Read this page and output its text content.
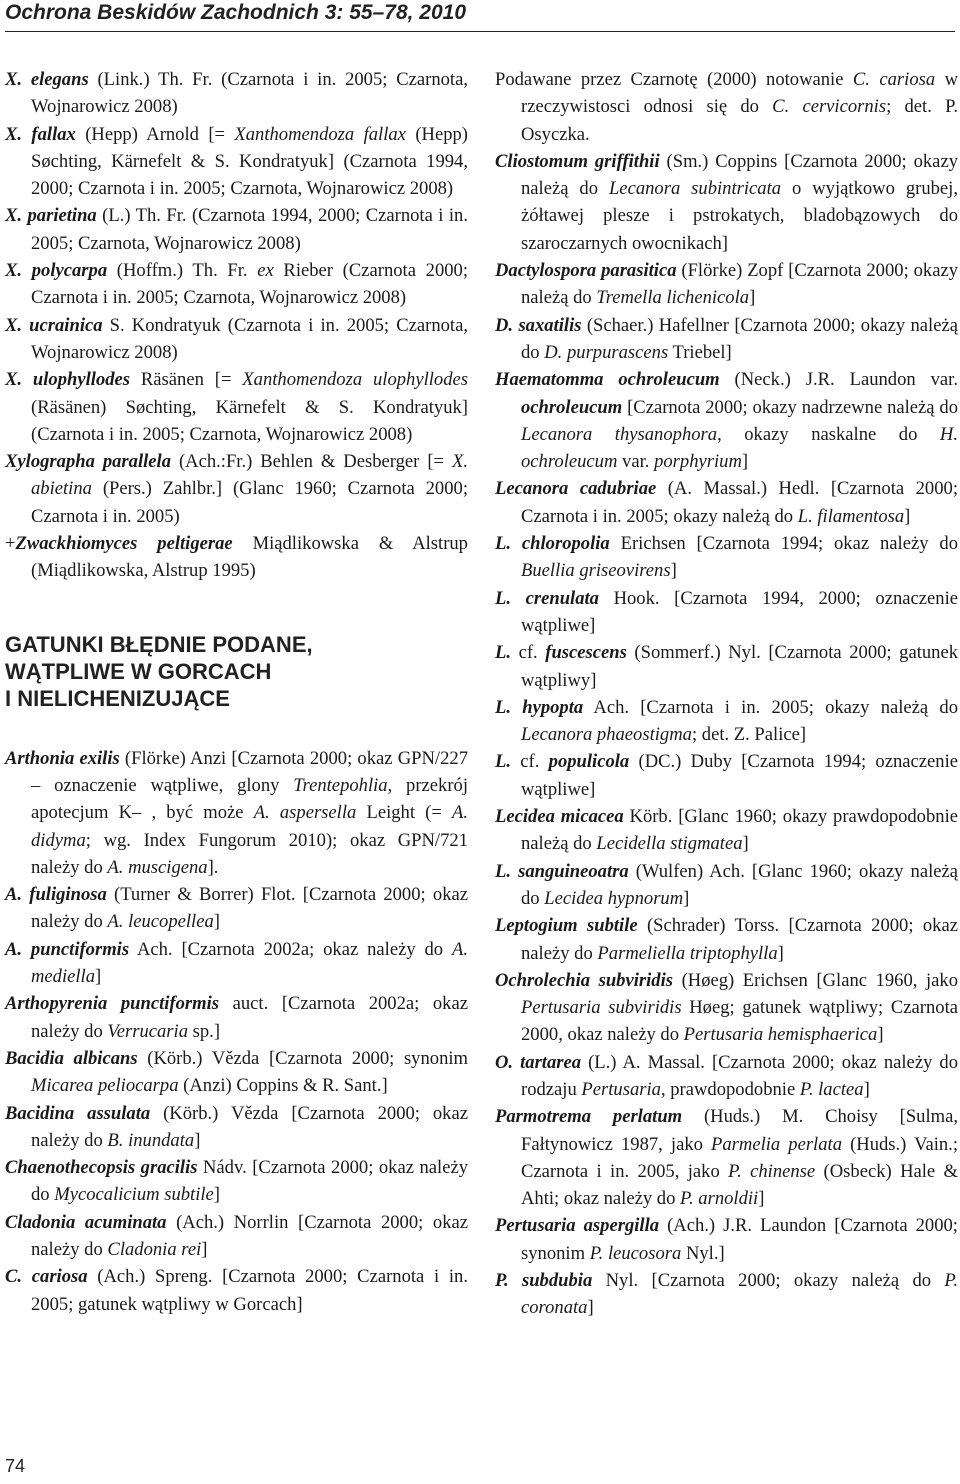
Ochrona Beskidów Zachodnich 3: 55–78, 2010
X. elegans (Link.) Th. Fr. (Czarnota i in. 2005; Czarnota, Wojnarowicz 2008)
X. fallax (Hepp) Arnold [= Xanthomendoza fallax (Hepp) Søchting, Kärnefelt & S. Kondratyuk] (Czarnota 1994, 2000; Czarnota i in. 2005; Czarnota, Wojnarowicz 2008)
X. parietina (L.) Th. Fr. (Czarnota 1994, 2000; Czarnota i in. 2005; Czarnota, Wojnarowicz 2008)
X. polycarpa (Hoffm.) Th. Fr. ex Rieber (Czarnota 2000; Czarnota i in. 2005; Czarnota, Wojnarowicz 2008)
X. ucrainica S. Kondratyuk (Czarnota i in. 2005; Czarnota, Wojnarowicz 2008)
X. ulophyllodes Räsänen [= Xanthomendoza ulophyllodes (Räsänen) Søchting, Kärnefelt & S. Kondratyuk] (Czarnota i in. 2005; Czarnota, Wojnarowicz 2008)
Xylographa parallela (Ach.:Fr.) Behlen & Desberger [= X. abietina (Pers.) Zahlbr.] (Glanc 1960; Czarnota 2000; Czarnota i in. 2005)
+Zwackhiomyces peltigerae Miądlikowska & Alstrup (Miądlikowska, Alstrup 1995)
GATUNKI BŁĘDNIE PODANE,
WĄTPLIWE W GORCACH
I NIELICHENIZUJĄCE
Arthonia exilis (Flörke) Anzi [Czarnota 2000; okaz GPN/227 – oznaczenie wątpliwe, glony Trentepohlia, przekrój apotecjum K– , być może A. aspersella Leight (= A. didyma; wg. Index Fungorum 2010); okaz GPN/721 należy do A. muscigena].
A. fuliginosa (Turner & Borrer) Flot. [Czarnota 2000; okaz należy do A. leucopellea]
A. punctiformis Ach. [Czarnota 2002a; okaz należy do A. mediella]
Arthopyrenia punctiformis auct. [Czarnota 2002a; okaz należy do Verrucaria sp.]
Bacidia albicans (Körb.) Vězda [Czarnota 2000; synonim Micarea peliocarpa (Anzi) Coppins & R. Sant.]
Bacidina assulata (Körb.) Vězda [Czarnota 2000; okaz należy do B. inundata]
Chaenothecopsis gracilis Nádv. [Czarnota 2000; okaz należy do Mycocalicium subtile]
Cladonia acuminata (Ach.) Norrlin [Czarnota 2000; okaz należy do Cladonia rei]
C. cariosa (Ach.) Spreng. [Czarnota 2000; Czarnota i in. 2005; gatunek wątpliwy w Gorcach]
Podawane przez Czarnotę (2000) notowanie C. cariosa w rzeczywistosci odnosi się do C. cervicornis; det. P. Osyczka.
Cliostomum griffithii (Sm.) Coppins [Czarnota 2000; okazy należą do Lecanora subintricata o wyjątkowo grubej, żółtawej plesze i pstrokatych, bladobązowych do szaroczarnych owocnikach]
Dactylospora parasitica (Flörke) Zopf [Czarnota 2000; okazy należą do Tremella lichenicola]
D. saxatilis (Schaer.) Hafellner [Czarnota 2000; okazy należą do D. purpurascens Triebel]
Haematomma ochroleucum (Neck.) J.R. Laundon var. ochroleucum [Czarnota 2000; okazy nadrzewne należą do Lecanora thysanophora, okazy naskalne do H. ochroleucum var. porphyrium]
Lecanora cadubriae (A. Massal.) Hedl. [Czarnota 2000; Czarnota i in. 2005; okazy należą do L. filamentosa]
L. chloropolia Erichsen [Czarnota 1994; okaz należy do Buellia griseovirens]
L. crenulata Hook. [Czarnota 1994, 2000; oznaczenie wątpliwe]
L. cf. fuscescens (Sommerf.) Nyl. [Czarnota 2000; gatunek wątpliwy]
L. hypopta Ach. [Czarnota i in. 2005; okazy należą do Lecanora phaeostigma; det. Z. Palice]
L. cf. populicola (DC.) Duby [Czarnota 1994; oznaczenie wątpliwe]
Lecidea micacea Körb. [Glanc 1960; okazy prawdopodobnie należą do Lecidella stigmatea]
L. sanguineoatra (Wulfen) Ach. [Glanc 1960; okazy należą do Lecidea hypnorum]
Leptogium subtile (Schrader) Torss. [Czarnota 2000; okaz należy do Parmeliella triptophylla]
Ochrolechia subviridis (Høeg) Erichsen [Glanc 1960, jako Pertusaria subviridis Høeg; gatunek wątpliwy; Czarnota 2000, okaz należy do Pertusaria hemisphaerica]
O. tartarea (L.) A. Massal. [Czarnota 2000; okaz należy do rodzaju Pertusaria, prawdopodobnie P. lactea]
Parmotrema perlatum (Huds.) M. Choisy [Sulma, Fałtynowicz 1987, jako Parmelia perlata (Huds.) Vain.; Czarnota i in. 2005, jako P. chinense (Osbeck) Hale & Ahti; okaz należy do P. arnoldii]
Pertusaria aspergilla (Ach.) J.R. Laundon [Czarnota 2000; synonim P. leucosora Nyl.]
P. subdubia Nyl. [Czarnota 2000; okazy należą do P. coronata]
74
